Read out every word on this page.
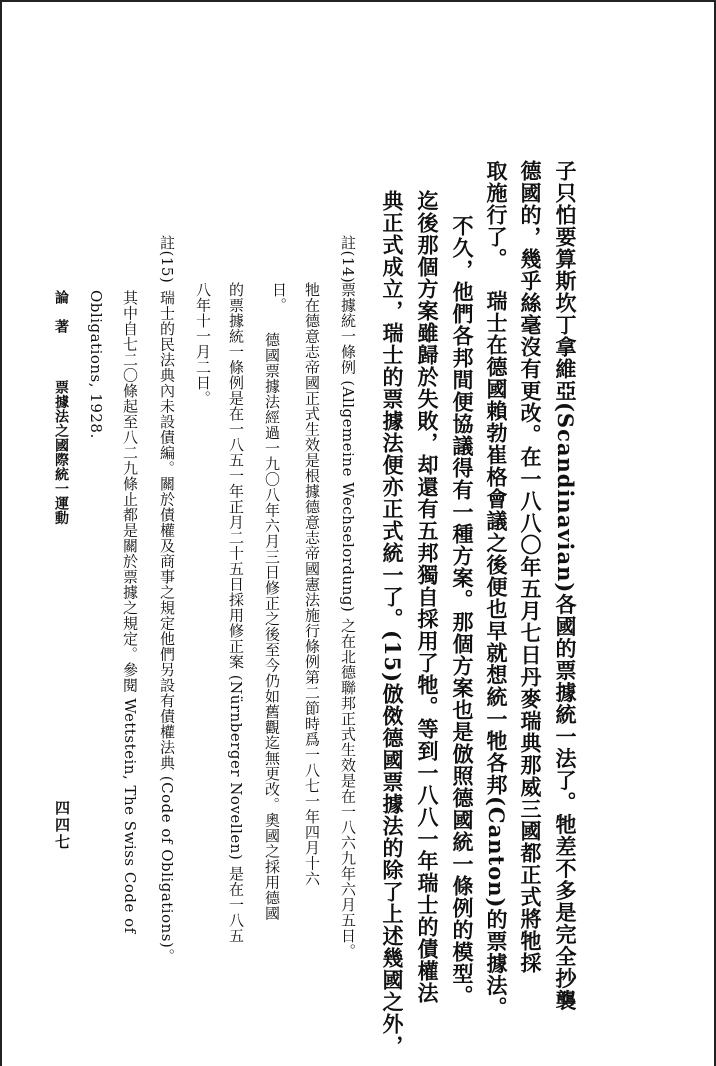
子只怕要算斯坎丁拿維亞(Scandinavian)各國的票據統一法了。牠差不多是完全抄襲
德國的，幾乎絲毫沒有更改。在一八八〇年五月七日丹麥瑞典那威三國都正式將牠採
取施行了。
瑞士在德國賴勃崔格會議之後便也早就想統一牠各邦(Canton)的票據法。
不久，他們各邦間便協議得有一種方案。那個方案也是倣照德國統一條例的模型。
迄後那個方案雖歸於失敗，却還有五邦獨自採用了牠。等到一八八一年瑞士的債權法
典正式成立，瑞士的票據法便亦正式統一了。(15)倣傚德國票據法的除了上述幾國之外，
註(14)
票據統一條例 (Allgemeine Wechselordung) 之在北德聯邦正式生效是在一八六九年六月五日。
牠在德意志帝國正式生效是根據德意志帝國憲法施行條例第二節時爲一八七一年四月十六
日。
德國票據法經過一九〇八年六月三日修正之後至今仍如舊觀迄無更改。奧國之採用德國
的票據統一條例是在一八五一年正月二十五日採用修正案 (Nürnberger Novellen) 是在一八五
八年十一月二日。
註(15)
瑞士的民法典內未設債編。關於債權及商事之規定他們另設有債權法典 (Code of Obligations)。
其中自七二〇條起至八二九條止都是關於票據之規定。參閱 Wettstein, The Swiss Code of
Obligations, 1928.
論　著
票據法之國際統一運動
四四七
